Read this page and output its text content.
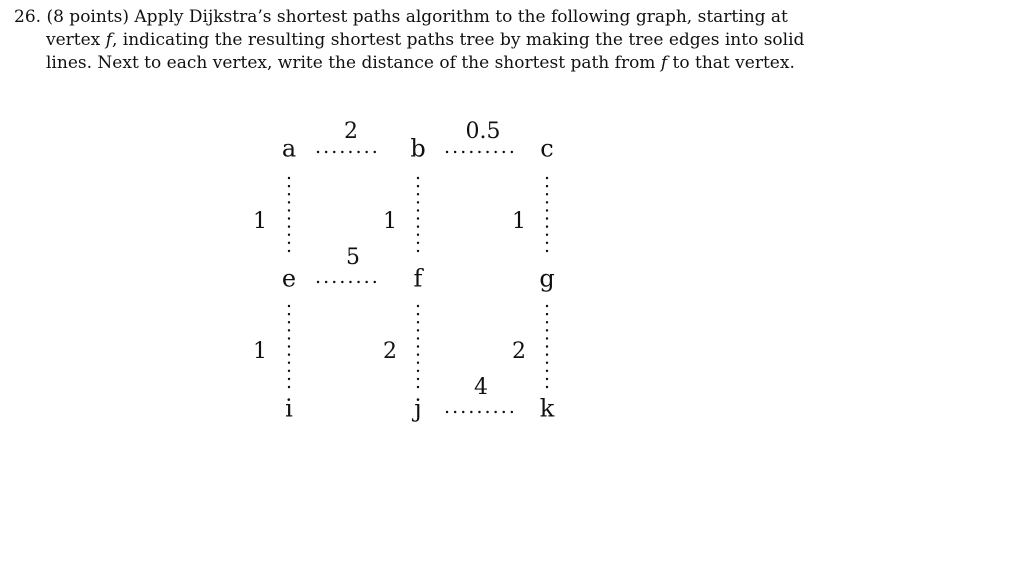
26. (8 points) Apply Dijkstra’s shortest paths algorithm to the following graph, starting at
vertex f, indicating the resulting shortest paths tree by making the tree edges into solid
lines. Next to each vertex, write the distance of the shortest path from f to that vertex.
2	0.5
1	1	1
5
1	2	2
4
a	b	c
e	f	g
i	j	k
